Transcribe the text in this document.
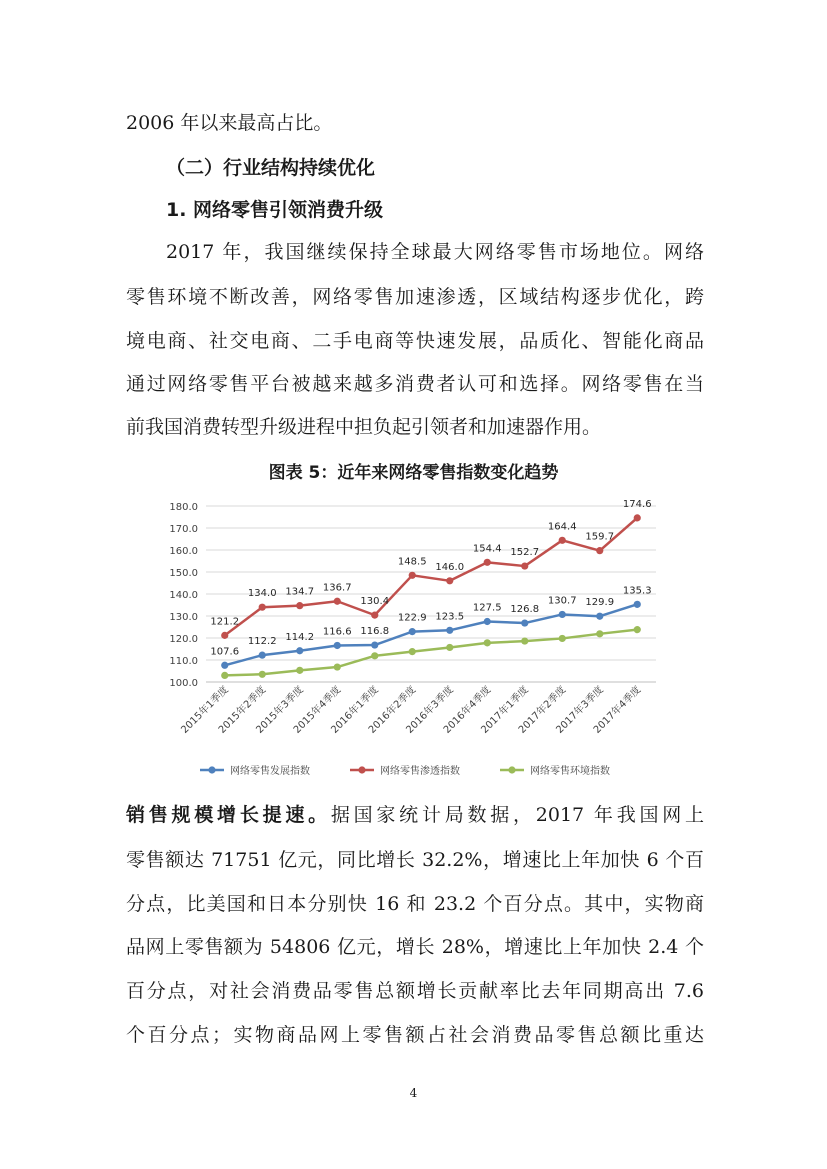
2006 年以来最高占比。
（二）行业结构持续优化
1. 网络零售引领消费升级
2017 年，我国继续保持全球最大网络零售市场地位。网络
零售环境不断改善，网络零售加速渗透，区域结构逐步优化，跨
境电商、社交电商、二手电商等快速发展，品质化、智能化商品
通过网络零售平台被越来越多消费者认可和选择。网络零售在当
前我国消费转型升级进程中担负起引领者和加速器作用。
图表 5：近年来网络零售指数变化趋势
100.0
110.0
120.0
130.0
140.0
150.0
160.0
170.0
180.0
2015年1季度
2015年2季度
2015年3季度
2015年4季度
2016年1季度
2016年2季度
2016年3季度
2016年4季度
2017年1季度
2017年2季度
2017年3季度
2017年4季度
107.6
112.2 114.2 116.6 116.8
122.9 123.5
127.5 126.8
130.7 129.9
135.3
121.2
134.0 134.7 136.7
130.4
148.5 146.0
154.4 152.7
164.4
159.7
174.6
网络零售发展指数	网络零售渗透指数	网络零售环境指数
销售规模增长提速。据国家统计局数据，2017 年我国网上
零售额达 71751 亿元，同比增长 32.2%，增速比上年加快 6 个百
分点，比美国和日本分别快 16 和 23.2 个百分点。其中，实物商
品网上零售额为 54806 亿元，增长 28%，增速比上年加快 2.4 个
百分点，对社会消费品零售总额增长贡献率比去年同期高出 7.6
个百分点；实物商品网上零售额占社会消费品零售总额比重达
4
